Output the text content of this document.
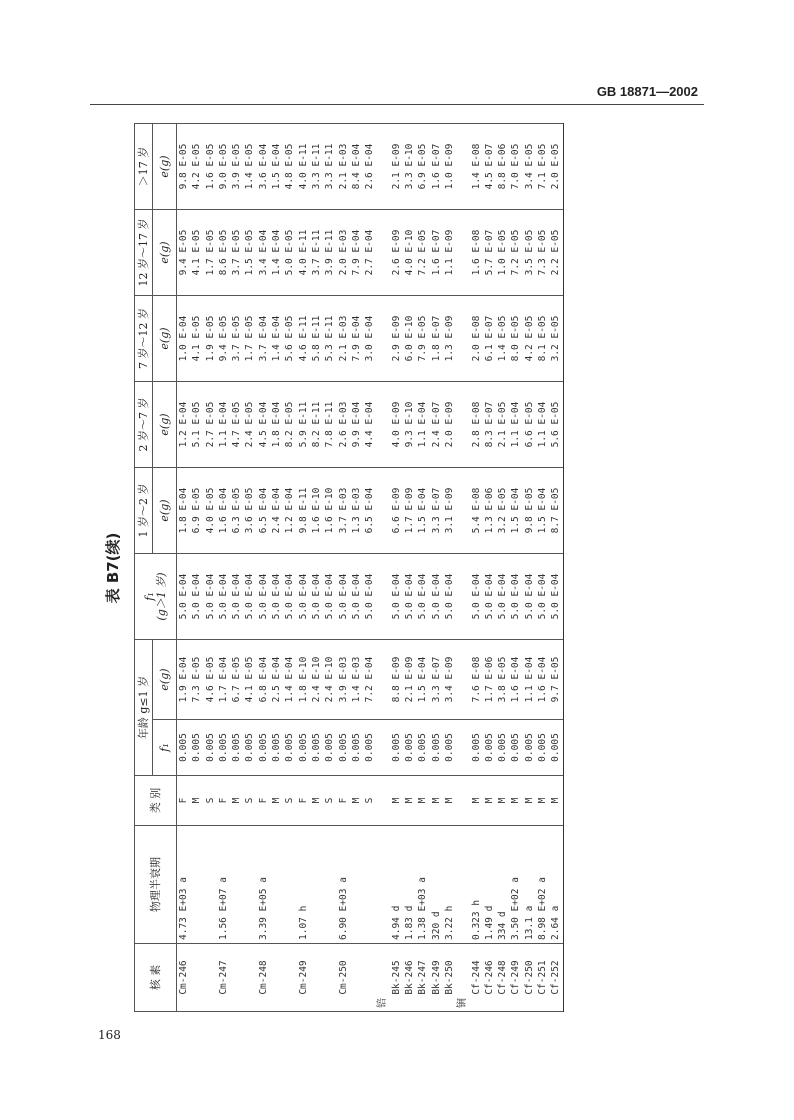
GB 18871—2002
表 B7(续)
核 素	物理半衰期	类 别	年龄 g≤1 岁		f₁
(g＞1 岁)	1 岁～2 岁	2 岁～7 岁	7 岁～12 岁	12 岁～17 岁	＞17 岁
			f₁	e(g)		e(g)	e(g)	e(g)	e(g)	e(g)
Cm-246	4.73 E+03 a	F	0.005	1.9 E-04	5.0 E-04	1.8 E-04	1.2 E-04	1.0 E-04	9.4 E-05	9.8 E-05
		M	0.005	7.3 E-05	5.0 E-04	6.9 E-05	5.1 E-05	4.1 E-05	4.1 E-05	4.2 E-05
		S	0.005	4.6 E-05	5.0 E-04	4.0 E-05	2.7 E-05	1.9 E-05	1.7 E-05	1.6 E-05
Cm-247	1.56 E+07 a	F	0.005	1.7 E-04	5.0 E-04	1.6 E-04	1.1 E-04	9.4 E-05	8.6 E-05	9.0 E-05
		M	0.005	6.7 E-05	5.0 E-04	6.3 E-05	4.7 E-05	3.7 E-05	3.7 E-05	3.9 E-05
		S	0.005	4.1 E-05	5.0 E-04	3.6 E-05	2.4 E-05	1.7 E-05	1.5 E-05	1.4 E-05
Cm-248	3.39 E+05 a	F	0.005	6.8 E-04	5.0 E-04	6.5 E-04	4.5 E-04	3.7 E-04	3.4 E-04	3.6 E-04
		M	0.005	2.5 E-04	5.0 E-04	2.4 E-04	1.8 E-04	1.4 E-04	1.4 E-04	1.5 E-04
		S	0.005	1.4 E-04	5.0 E-04	1.2 E-04	8.2 E-05	5.6 E-05	5.0 E-05	4.8 E-05
Cm-249	1.07 h	F	0.005	1.8 E-10	5.0 E-04	9.8 E-11	5.9 E-11	4.6 E-11	4.0 E-11	4.0 E-11
		M	0.005	2.4 E-10	5.0 E-04	1.6 E-10	8.2 E-11	5.8 E-11	3.7 E-11	3.3 E-11
		S	0.005	2.4 E-10	5.0 E-04	1.6 E-10	7.8 E-11	5.3 E-11	3.9 E-11	3.3 E-11
Cm-250	6.90 E+03 a	F	0.005	3.9 E-03	5.0 E-04	3.7 E-03	2.6 E-03	2.1 E-03	2.0 E-03	2.1 E-03
		M	0.005	1.4 E-03	5.0 E-04	1.3 E-03	9.9 E-04	7.9 E-04	7.9 E-04	8.4 E-04
		S	0.005	7.2 E-04	5.0 E-04	6.5 E-04	4.4 E-04	3.0 E-04	2.7 E-04	2.6 E-04
锫										
Bk-245	4.94 d	M	0.005	8.8 E-09	5.0 E-04	6.6 E-09	4.0 E-09	2.9 E-09	2.6 E-09	2.1 E-09
Bk-246	1.83 d	M	0.005	2.1 E-09	5.0 E-04	1.7 E-09	9.3 E-10	6.0 E-10	4.0 E-10	3.3 E-10
Bk-247	1.38 E+03 a	M	0.005	1.5 E-04	5.0 E-04	1.5 E-04	1.1 E-04	7.9 E-05	7.2 E-05	6.9 E-05
Bk-249	320 d	M	0.005	3.3 E-07	5.0 E-04	3.3 E-07	2.4 E-07	1.8 E-07	1.6 E-07	1.6 E-07
Bk-250	3.22 h	M	0.005	3.4 E-09	5.0 E-04	3.1 E-09	2.0 E-09	1.3 E-09	1.1 E-09	1.0 E-09
锎										
Cf-244	0.323 h	M	0.005	7.6 E-08	5.0 E-04	5.4 E-08	2.8 E-08	2.0 E-08	1.6 E-08	1.4 E-08
Cf-246	1.49 d	M	0.005	1.7 E-06	5.0 E-04	1.3 E-06	8.3 E-07	6.1 E-07	5.7 E-07	4.5 E-07
Cf-248	334 d	M	0.005	3.8 E-05	5.0 E-04	3.2 E-05	2.1 E-05	1.4 E-05	1.0 E-05	8.8 E-06
Cf-249	3.50 E+02 a	M	0.005	1.6 E-04	5.0 E-04	1.5 E-04	1.1 E-04	8.0 E-05	7.2 E-05	7.0 E-05
Cf-250	13.1 a	M	0.005	1.1 E-04	5.0 E-04	9.8 E-05	6.6 E-05	4.2 E-05	3.5 E-05	3.4 E-05
Cf-251	8.98 E+02 a	M	0.005	1.6 E-04	5.0 E-04	1.5 E-04	1.1 E-04	8.1 E-05	7.3 E-05	7.1 E-05
Cf-252	2.64 a	M	0.005	9.7 E-05	5.0 E-04	8.7 E-05	5.6 E-05	3.2 E-05	2.2 E-05	2.0 E-05
168
